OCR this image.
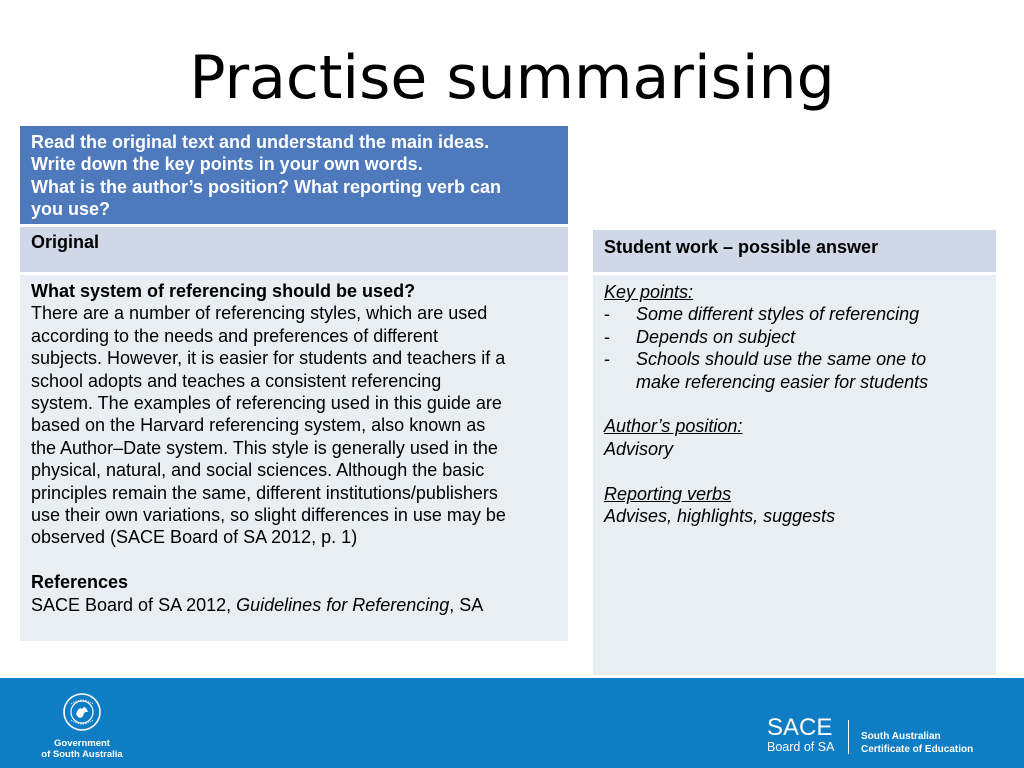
Practise summarising
Read the original text and understand the main ideas.
Write down the key points in your own words.
What is the author’s position? What reporting verb can
you use?
Original

What system of referencing should be used?

There are a number of referencing styles, which are used

according to the needs and preferences of different

subjects. However, it is easier for students and teachers if a

school adopts and teaches a consistent referencing

system. The examples of referencing used in this guide are

based on the Harvard referencing system, also known as

the Author–Date system. This style is generally used in the

physical, natural, and social sciences. Although the basic

principles remain the same, different institutions/publishers

use their own variations, so slight differences in use may be

observed (SACE Board of SA 2012, p. 1)

References

SACE Board of SA 2012, Guidelines for Referencing, SA

Student work – possible answer

Key points:

- Some different styles of referencing

- Depends on subject

- Schools should use the same one to

make referencing easier for students

Author’s position:

Advisory

Reporting verbs

Advises, highlights, suggests

Government
of South Australia
SACE
Board of SA
South Australian
Certificate of Education
